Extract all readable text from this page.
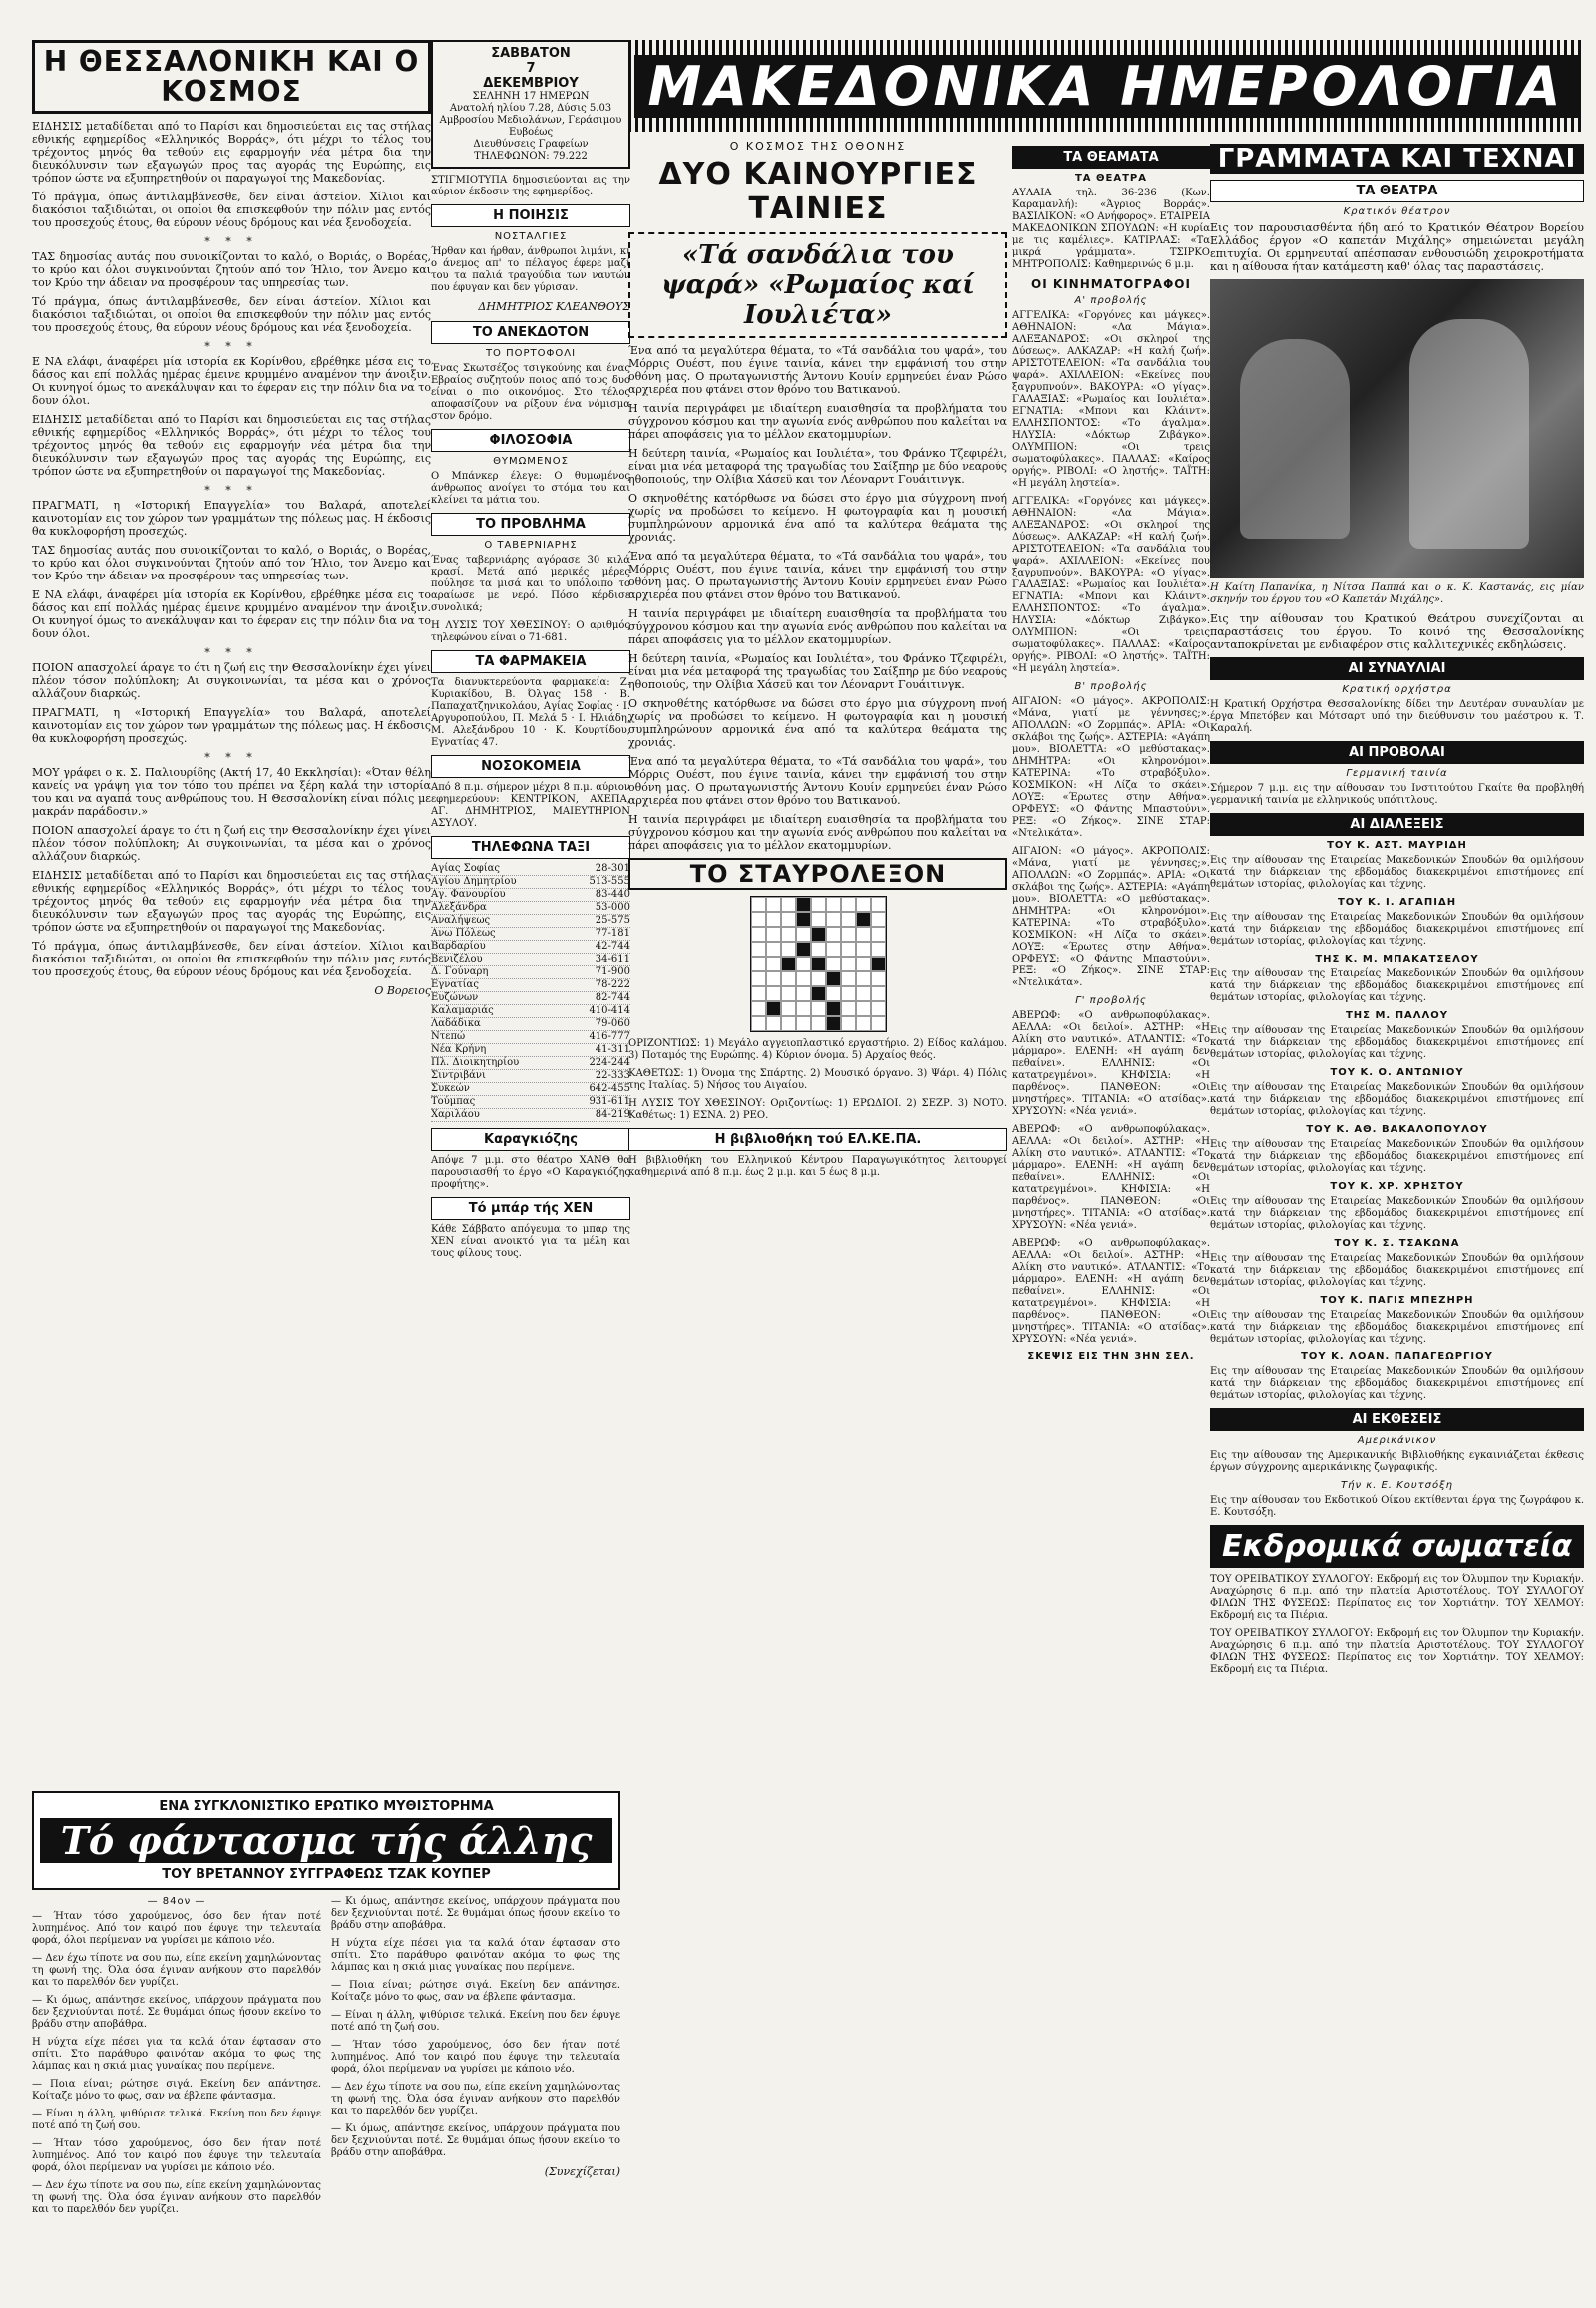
Η ΘΕΣΣΑΛΟΝΙΚΗ ΚΑΙ Ο ΚΟΣΜΟΣ

ΕΙΔΗΣΙΣ μεταδίδεται από το Παρίσι και δημοσιεύεται εις τας στήλας εθνικής εφημερίδος «Ελληνικός Βορράς», ότι μέχρι το τέλος του τρέχοντος μηνός θα τεθούν εις εφαρμογήν νέα μέτρα δια την διευκόλυνσιν των εξαγωγών προς τας αγοράς της Ευρώπης, εις τρόπον ώστε να εξυπηρετηθούν οι παραγωγοί της Μακεδονίας.

Τό πράγμα, όπως άντιλαμβάνεσθε, δεν είναι άστείον. Χίλιοι και διακόσιοι ταξιδιώται, οι οποίοι θα επισκεφθούν την πόλιν μας εντός του προσεχούς έτους, θα εύρουν νέους δρόμους και νέα ξενοδοχεία.

* * *

ΤΑΣ δημοσίας αυτάς που συνοικίζονται το καλό, ο Βοριάς, ο Βορέας, το κρύο και όλοι συγκινούνται ζητούν από τον Ήλιο, τον Άνεμο και τον Κρύο την άδειαν να προσφέρουν τας υπηρεσίας των.

Τό πράγμα, όπως άντιλαμβάνεσθε, δεν είναι άστείον. Χίλιοι και διακόσιοι ταξιδιώται, οι οποίοι θα επισκεφθούν την πόλιν μας εντός του προσεχούς έτους, θα εύρουν νέους δρόμους και νέα ξενοδοχεία.

* * *

Ε ΝΑ ελάφι, άναφέρει μία ιστορία εκ Κορίνθου, εβρέθηκε μέσα εις το δάσος και επί πολλάς ημέρας έμεινε κρυμμένο αναμένον την άνοιξιν. Οι κυνηγοί όμως το ανεκάλυψαν και το έφεραν εις την πόλιν δια να το δουν όλοι.

ΕΙΔΗΣΙΣ μεταδίδεται από το Παρίσι και δημοσιεύεται εις τας στήλας εθνικής εφημερίδος «Ελληνικός Βορράς», ότι μέχρι το τέλος του τρέχοντος μηνός θα τεθούν εις εφαρμογήν νέα μέτρα δια την διευκόλυνσιν των εξαγωγών προς τας αγοράς της Ευρώπης, εις τρόπον ώστε να εξυπηρετηθούν οι παραγωγοί της Μακεδονίας.

* * *

ΠΡΑΓΜΑΤΙ, η «Ιστορική Επαγγελία» του Βαλαρά, αποτελεί καινοτομίαν εις τον χώρον των γραμμάτων της πόλεως μας. Η έκδοσις θα κυκλοφορήση προσεχώς.

ΤΑΣ δημοσίας αυτάς που συνοικίζονται το καλό, ο Βοριάς, ο Βορέας, το κρύο και όλοι συγκινούνται ζητούν από τον Ήλιο, τον Άνεμο και τον Κρύο την άδειαν να προσφέρουν τας υπηρεσίας των.

Ε ΝΑ ελάφι, άναφέρει μία ιστορία εκ Κορίνθου, εβρέθηκε μέσα εις το δάσος και επί πολλάς ημέρας έμεινε κρυμμένο αναμένον την άνοιξιν. Οι κυνηγοί όμως το ανεκάλυψαν και το έφεραν εις την πόλιν δια να το δουν όλοι.

* * *

ΠΟΙΟΝ απασχολεί άραγε το ότι η ζωή εις την Θεσσαλονίκην έχει γίνει πλέον τόσον πολύπλοκη; Αι συγκοινωνίαι, τα μέσα και ο χρόνος αλλάζουν διαρκώς.

ΠΡΑΓΜΑΤΙ, η «Ιστορική Επαγγελία» του Βαλαρά, αποτελεί καινοτομίαν εις τον χώρον των γραμμάτων της πόλεως μας. Η έκδοσις θα κυκλοφορήση προσεχώς.

* * *

ΜΟΥ γράφει ο κ. Σ. Παλιουρίδης (Ακτή 17, 40 Εκκλησίαι): «Όταν θέλη κανείς να γράψη για τον τόπο του πρέπει να ξέρη καλά την ιστορία του και να αγαπά τους ανθρώπους του. Η Θεσσαλονίκη είναι πόλις με μακράν παράδοσιν.»

ΠΟΙΟΝ απασχολεί άραγε το ότι η ζωή εις την Θεσσαλονίκην έχει γίνει πλέον τόσον πολύπλοκη; Αι συγκοινωνίαι, τα μέσα και ο χρόνος αλλάζουν διαρκώς.

ΕΙΔΗΣΙΣ μεταδίδεται από το Παρίσι και δημοσιεύεται εις τας στήλας εθνικής εφημερίδος «Ελληνικός Βορράς», ότι μέχρι το τέλος του τρέχοντος μηνός θα τεθούν εις εφαρμογήν νέα μέτρα δια την διευκόλυνσιν των εξαγωγών προς τας αγοράς της Ευρώπης, εις τρόπον ώστε να εξυπηρετηθούν οι παραγωγοί της Μακεδονίας.

Τό πράγμα, όπως άντιλαμβάνεσθε, δεν είναι άστείον. Χίλιοι και διακόσιοι ταξιδιώται, οι οποίοι θα επισκεφθούν την πόλιν μας εντός του προσεχούς έτους, θα εύρουν νέους δρόμους και νέα ξενοδοχεία.

Ο Βορειος
ΣΑΒΒΑΤΟΝ
7
ΔΕΚΕΜΒΡΙΟΥ
ΣΕΛΗΝΗ 17 ΗΜΕΡΩΝ
Ανατολή ηλίου 7.28, Δύσις 5.03
Αμβροσίου Μεδιολάνων, Γεράσιμου Ευβοέως
Διευθύνσεις Γραφείων ΤΗΛΕΦΩΝΟΝ: 79.222

ΣΤΙΓΜΙΟΤΥΠΑ δημοσιεύονται εις την αύριον έκδοσιν της εφημερίδος.

Η ΠΟΙΗΣΙΣ
ΝΟΣΤΑΛΓΙΕΣ

Ήρθαν και ήρθαν, άνθρωποι λιμάνι, κι ο άνεμος απ' το πέλαγος έφερε μαζί του τα παλιά τραγούδια των ναυτών που έφυγαν και δεν γύρισαν.

ΔΗΜΗΤΡΙΟΣ ΚΛΕΑΝΘΟΥΣ
ΤΟ ΑΝΕΚΔΟΤΟΝ
ΤΟ ΠΟΡΤΟΦΟΛΙ

Ένας Σκωτσέζος τσιγκούνης και ένας Εβραίος συζητούν ποιος από τους δυο είναι ο πιο οικονόμος. Στο τέλος αποφασίζουν να ρίξουν ένα νόμισμα στον δρόμο.

ΦΙΛΟΣΟΦΙΑ
ΘΥΜΩΜΕΝΟΣ

Ο Μπάνκερ έλεγε: Ο θυμωμένος άνθρωπος ανοίγει το στόμα του και κλείνει τα μάτια του.

ΤΟ ΠΡΟΒΛΗΜΑ
Ο ΤΑΒΕΡΝΙΑΡΗΣ

Ένας ταβερνιάρης αγόρασε 30 κιλά κρασί. Μετά από μερικές μέρες πούλησε τα μισά και το υπόλοιπο το αραίωσε με νερό. Πόσο κέρδισε συνολικά;

Η ΛΥΣΙΣ ΤΟΥ ΧΘΕΣΙΝΟΥ: Ο αριθμός τηλεφώνου είναι ο 71-681.

ΤΑ ΦΑΡΜΑΚΕΙΑ

Τα διανυκτερεύοντα φαρμακεία: Ζ. Κυριακίδου, Β. Όλγας 158 · Β. Παπαχατζηνικολάου, Αγίας Σοφίας · Ι. Αργυροπούλου, Π. Μελά 5 · Ι. Ηλιάδη, Μ. Αλεξάνδρου 10 · Κ. Κουρτίδου, Εγνατίας 47.

ΝΟΣΟΚΟΜΕΙΑ

Από 8 π.μ. σήμερον μέχρι 8 π.μ. αύριον εφημερεύουν: ΚΕΝΤΡΙΚΟΝ, ΑΧΕΠΑ, ΑΓ. ΔΗΜΗΤΡΙΟΣ, ΜΑΙΕΥΤΗΡΙΟΝ ΑΣΥΛΟΥ.

ΤΗΛΕΦΩΝΑ ΤΑΞΙ
Αγίας Σοφίας	28-301
Αγίου Δημητρίου	513-555
Αγ. Φανουρίου	83-440
Αλεξάνδρα	53-000
Αναλήψεως	25-575
Ανω Πόλεως	77-181
Βαρδαρίου	42-744
Βενιζέλου	34-611
Δ. Γούναρη	71-900
Εγνατίας	78-222
Ευζώνων	82-744
Καλαμαριάς	410-414
Λαδάδικα	79-060
Ντεπώ	416-777
Νέα Κρήνη	41-311
Πλ. Διοικητηρίου	224-244
Σιντριβάνι	22-333
Συκεών	642-455
Τούμπας	931-611
Χαριλάου	84-219
Καραγκιόζης

Απόψε 7 μ.μ. στο θέατρο ΧΑΝΘ θα παρουσιασθή το έργο «Ο Καραγκιόζης προφήτης».

Τό μπάρ τής ΧΕΝ

Κάθε Σάββατο απόγευμα το μπαρ της ΧΕΝ είναι ανοικτό για τα μέλη και τους φίλους τους.

ΜΑΚΕΔΟΝΙΚΑ ΗΜΕΡΟΛΟΓΙΑ
Ο ΚΟΣΜΟΣ ΤΗΣ ΟΘΟΝΗΣ
ΔΥΟ ΚΑΙΝΟΥΡΓΙΕΣ ΤΑΙΝΙΕΣ
«Τά σανδάλια του ψαρά» «Ρωμαίος καί Ιουλιέτα»

Ένα από τα μεγαλύτερα θέματα, το «Τά σανδάλια του ψαρά», του Μόρρις Ουέστ, που έγινε ταινία, κάνει την εμφάνισή του στην οθόνη μας. Ο πρωταγωνιστής Άντονυ Κουίν ερμηνεύει έναν Ρώσο αρχιερέα που φτάνει στον θρόνο του Βατικανού.

Η ταινία περιγράφει με ιδιαίτερη ευαισθησία τα προβλήματα του σύγχρονου κόσμου και την αγωνία ενός ανθρώπου που καλείται να πάρει αποφάσεις για το μέλλον εκατομμυρίων.

Η δεύτερη ταινία, «Ρωμαίος και Ιουλιέτα», του Φράνκο Τζεφιρέλι, είναι μια νέα μεταφορά της τραγωδίας του Σαίξπηρ με δύο νεαρούς ηθοποιούς, την Ολίβια Χάσεϋ και τον Λέοναρντ Γουάιτινγκ.

Ο σκηνοθέτης κατόρθωσε να δώσει στο έργο μια σύγχρονη πνοή χωρίς να προδώσει το κείμενο. Η φωτογραφία και η μουσική συμπληρώνουν αρμονικά ένα από τα καλύτερα θεάματα της χρονιάς.

Ένα από τα μεγαλύτερα θέματα, το «Τά σανδάλια του ψαρά», του Μόρρις Ουέστ, που έγινε ταινία, κάνει την εμφάνισή του στην οθόνη μας. Ο πρωταγωνιστής Άντονυ Κουίν ερμηνεύει έναν Ρώσο αρχιερέα που φτάνει στον θρόνο του Βατικανού.

Η ταινία περιγράφει με ιδιαίτερη ευαισθησία τα προβλήματα του σύγχρονου κόσμου και την αγωνία ενός ανθρώπου που καλείται να πάρει αποφάσεις για το μέλλον εκατομμυρίων.

Η δεύτερη ταινία, «Ρωμαίος και Ιουλιέτα», του Φράνκο Τζεφιρέλι, είναι μια νέα μεταφορά της τραγωδίας του Σαίξπηρ με δύο νεαρούς ηθοποιούς, την Ολίβια Χάσεϋ και τον Λέοναρντ Γουάιτινγκ.

Ο σκηνοθέτης κατόρθωσε να δώσει στο έργο μια σύγχρονη πνοή χωρίς να προδώσει το κείμενο. Η φωτογραφία και η μουσική συμπληρώνουν αρμονικά ένα από τα καλύτερα θεάματα της χρονιάς.

Ένα από τα μεγαλύτερα θέματα, το «Τά σανδάλια του ψαρά», του Μόρρις Ουέστ, που έγινε ταινία, κάνει την εμφάνισή του στην οθόνη μας. Ο πρωταγωνιστής Άντονυ Κουίν ερμηνεύει έναν Ρώσο αρχιερέα που φτάνει στον θρόνο του Βατικανού.

Η ταινία περιγράφει με ιδιαίτερη ευαισθησία τα προβλήματα του σύγχρονου κόσμου και την αγωνία ενός ανθρώπου που καλείται να πάρει αποφάσεις για το μέλλον εκατομμυρίων.

ΤΟ ΣΤΑΥΡΟΛΕΞΟΝ

ΟΡΙΖΟΝΤΙΩΣ: 1) Μεγάλο αγγειοπλαστικό εργαστήριο. 2) Είδος καλάμου. 3) Ποταμός της Ευρώπης. 4) Κύριον όνομα. 5) Αρχαίος θεός.

ΚΑΘΕΤΩΣ: 1) Όνομα της Σπάρτης. 2) Μουσικό όργανο. 3) Ψάρι. 4) Πόλις της Ιταλίας. 5) Νήσος του Αιγαίου.

Η ΛΥΣΙΣ ΤΟΥ ΧΘΕΣΙΝΟΥ: Οριζοντίως: 1) ΕΡΩΔΙΟΙ. 2) ΣΕΖΡ. 3) ΝΟΤΟ. Καθέτως: 1) ΕΣΝΑ. 2) ΡΕΟ.

Η βιβλιοθήκη τού ΕΛ.ΚΕ.ΠΑ.

Η βιβλιοθήκη του Ελληνικού Κέντρου Παραγωγικότητος λειτουργεί καθημερινά από 8 π.μ. έως 2 μ.μ. και 5 έως 8 μ.μ.

ΤΑ ΘΕΑΜΑΤΑ
ΤΑ ΘΕΑΤΡΑ

ΑΥΛΑΙΑ τηλ. 36-236 (Κων. Καραμανλή): «Άγριος Βορράς». ΒΑΣΙΛΙΚΟΝ: «Ο Ανήφορος». ΕΤΑΙΡΕΙΑ ΜΑΚΕΔΟΝΙΚΩΝ ΣΠΟΥΔΩΝ: «Η κυρία με τις καμέλιες». ΚΑΤΙΡΛΑΣ: «Τα μικρά γράμματα». ΤΣΙΡΚΟ ΜΗΤΡΟΠΟΛΙΣ: Καθημερινώς 6 μ.μ.

ΟΙ ΚΙΝΗΜΑΤΟΓΡΑΦΟΙ
Α' προβολής

ΑΓΓΕΛΙΚΑ: «Γοργόνες και μάγκες». ΑΘΗΝΑΙΟΝ: «Λα Μάγια». ΑΛΕΞΑΝΔΡΟΣ: «Οι σκληροί της Δύσεως». ΑΛΚΑΖΑΡ: «Η καλή ζωή». ΑΡΙΣΤΟΤΕΛΕΙΟΝ: «Τα σανδάλια του ψαρά». ΑΧΙΛΛΕΙΟΝ: «Εκείνες που ξαγρυπνούν». ΒΑΚΟΥΡΑ: «Ο γίγας». ΓΑΛΑΞΙΑΣ: «Ρωμαίος και Ιουλιέτα». ΕΓΝΑΤΙΑ: «Μπονι και Κλάιντ». ΕΛΛΗΣΠΟΝΤΟΣ: «Το άγαλμα». ΗΛΥΣΙΑ: «Δόκτωρ Ζιβάγκο». ΟΛΥΜΠΙΟΝ: «Οι τρεις σωματοφύλακες». ΠΑΛΛΑΣ: «Καίρος οργής». ΡΙΒΟΛΙ: «Ο ληστής». ΤΑΪΤΗ: «Η μεγάλη ληστεία».

ΑΓΓΕΛΙΚΑ: «Γοργόνες και μάγκες». ΑΘΗΝΑΙΟΝ: «Λα Μάγια». ΑΛΕΞΑΝΔΡΟΣ: «Οι σκληροί της Δύσεως». ΑΛΚΑΖΑΡ: «Η καλή ζωή». ΑΡΙΣΤΟΤΕΛΕΙΟΝ: «Τα σανδάλια του ψαρά». ΑΧΙΛΛΕΙΟΝ: «Εκείνες που ξαγρυπνούν». ΒΑΚΟΥΡΑ: «Ο γίγας». ΓΑΛΑΞΙΑΣ: «Ρωμαίος και Ιουλιέτα». ΕΓΝΑΤΙΑ: «Μπονι και Κλάιντ». ΕΛΛΗΣΠΟΝΤΟΣ: «Το άγαλμα». ΗΛΥΣΙΑ: «Δόκτωρ Ζιβάγκο». ΟΛΥΜΠΙΟΝ: «Οι τρεις σωματοφύλακες». ΠΑΛΛΑΣ: «Καίρος οργής». ΡΙΒΟΛΙ: «Ο ληστής». ΤΑΪΤΗ: «Η μεγάλη ληστεία».

Β' προβολής

ΑΙΓΑΙΟΝ: «Ο μάγος». ΑΚΡΟΠΟΛΙΣ: «Μάνα, γιατί με γέννησες;». ΑΠΟΛΛΩΝ: «Ο Ζορμπάς». ΑΡΙΑ: «Οι σκλάβοι της ζωής». ΑΣΤΕΡΙΑ: «Αγάπη μου». ΒΙΟΛΕΤΤΑ: «Ο μεθύστακας». ΔΗΜΗΤΡΑ: «Οι κληρονόμοι». ΚΑΤΕΡΙΝΑ: «Το στραβόξυλο». ΚΟΣΜΙΚΟΝ: «Η Λίζα το σκάει». ΛΟΥΞ: «Έρωτες στην Αθήνα». ΟΡΦΕΥΣ: «Ο Φάντης Μπαστούνι». ΡΕΞ: «Ο Ζήκος». ΣΙΝΕ ΣΤΑΡ: «Ντελικάτα».

ΑΙΓΑΙΟΝ: «Ο μάγος». ΑΚΡΟΠΟΛΙΣ: «Μάνα, γιατί με γέννησες;». ΑΠΟΛΛΩΝ: «Ο Ζορμπάς». ΑΡΙΑ: «Οι σκλάβοι της ζωής». ΑΣΤΕΡΙΑ: «Αγάπη μου». ΒΙΟΛΕΤΤΑ: «Ο μεθύστακας». ΔΗΜΗΤΡΑ: «Οι κληρονόμοι». ΚΑΤΕΡΙΝΑ: «Το στραβόξυλο». ΚΟΣΜΙΚΟΝ: «Η Λίζα το σκάει». ΛΟΥΞ: «Έρωτες στην Αθήνα». ΟΡΦΕΥΣ: «Ο Φάντης Μπαστούνι». ΡΕΞ: «Ο Ζήκος». ΣΙΝΕ ΣΤΑΡ: «Ντελικάτα».

Γ' προβολής

ΑΒΕΡΩΦ: «Ο ανθρωποφύλακας». ΑΕΛΛΑ: «Οι δειλοί». ΑΣΤΗΡ: «Η Αλίκη στο ναυτικό». ΑΤΛΑΝΤΙΣ: «Το μάρμαρο». ΕΛΕΝΗ: «Η αγάπη δεν πεθαίνει». ΕΛΛΗΝΙΣ: «Οι κατατρεγμένοι». ΚΗΦΙΣΙΑ: «Η παρθένος». ΠΑΝΘΕΟΝ: «Οι μνηστήρες». ΤΙΤΑΝΙΑ: «Ο ατσίδας». ΧΡΥΣΟΥΝ: «Νέα γενιά».

ΑΒΕΡΩΦ: «Ο ανθρωποφύλακας». ΑΕΛΛΑ: «Οι δειλοί». ΑΣΤΗΡ: «Η Αλίκη στο ναυτικό». ΑΤΛΑΝΤΙΣ: «Το μάρμαρο». ΕΛΕΝΗ: «Η αγάπη δεν πεθαίνει». ΕΛΛΗΝΙΣ: «Οι κατατρεγμένοι». ΚΗΦΙΣΙΑ: «Η παρθένος». ΠΑΝΘΕΟΝ: «Οι μνηστήρες». ΤΙΤΑΝΙΑ: «Ο ατσίδας». ΧΡΥΣΟΥΝ: «Νέα γενιά».

ΑΒΕΡΩΦ: «Ο ανθρωποφύλακας». ΑΕΛΛΑ: «Οι δειλοί». ΑΣΤΗΡ: «Η Αλίκη στο ναυτικό». ΑΤΛΑΝΤΙΣ: «Το μάρμαρο». ΕΛΕΝΗ: «Η αγάπη δεν πεθαίνει». ΕΛΛΗΝΙΣ: «Οι κατατρεγμένοι». ΚΗΦΙΣΙΑ: «Η παρθένος». ΠΑΝΘΕΟΝ: «Οι μνηστήρες». ΤΙΤΑΝΙΑ: «Ο ατσίδας». ΧΡΥΣΟΥΝ: «Νέα γενιά».

ΣΚΕΨΙΣ ΕΙΣ ΤΗΝ 3ΗΝ ΣΕΛ.
ΓΡΑΜΜΑΤΑ ΚΑΙ ΤΕΧΝΑΙ
ΤΑ ΘΕΑΤΡΑ
Κρατικόν θέατρον

Εις τον παρουσιασθέντα ήδη από το Κρατικόν Θέατρον Βορείου Ελλάδος έργον «Ο καπετάν Μιχάλης» σημειώνεται μεγάλη επιτυχία. Οι ερμηνευταί απέσπασαν ενθουσιώδη χειροκροτήματα και η αίθουσα ήταν κατάμεστη καθ' όλας τας παραστάσεις.

Η Καίτη Παπανίκα, η Νίτσα Παππά και ο κ. Κ. Καστανάς, εις μίαν σκηνήν του έργου του «Ο Καπετάν Μιχάλης».

Εις την αίθουσαν του Κρατικού Θεάτρου συνεχίζονται αι παραστάσεις του έργου. Το κοινό της Θεσσαλονίκης ανταποκρίνεται με ενδιαφέρον στις καλλιτεχνικές εκδηλώσεις.

ΑΙ ΣΥΝΑΥΛΙΑΙ
Κρατική ορχήστρα

Η Κρατική Ορχήστρα Θεσσαλονίκης δίδει την Δευτέραν συναυλίαν με έργα Μπετόβεν και Μότσαρτ υπό την διεύθυνσιν του μαέστρου κ. Τ. Καραλή.

ΑΙ ΠΡΟΒΟΛΑΙ
Γερμανική ταινία

Σήμερον 7 μ.μ. εις την αίθουσαν του Ινστιτούτου Γκαίτε θα προβληθή γερμανική ταινία με ελληνικούς υπότιτλους.

ΑΙ ΔΙΑΛΕΞΕΙΣ
ΤΟΥ Κ. ΑΣΤ. ΜΑΥΡΙΔΗ

Εις την αίθουσαν της Εταιρείας Μακεδονικών Σπουδών θα ομιλήσουν κατά την διάρκειαν της εβδομάδος διακεκριμένοι επιστήμονες επί θεμάτων ιστορίας, φιλολογίας και τέχνης.

ΤΟΥ Κ. Ι. ΑΓΑΠΙΔΗ

Εις την αίθουσαν της Εταιρείας Μακεδονικών Σπουδών θα ομιλήσουν κατά την διάρκειαν της εβδομάδος διακεκριμένοι επιστήμονες επί θεμάτων ιστορίας, φιλολογίας και τέχνης.

ΤΗΣ Κ. Μ. ΜΠΑΚΑΤΣΕΛΟΥ

Εις την αίθουσαν της Εταιρείας Μακεδονικών Σπουδών θα ομιλήσουν κατά την διάρκειαν της εβδομάδος διακεκριμένοι επιστήμονες επί θεμάτων ιστορίας, φιλολογίας και τέχνης.

ΤΗΣ Μ. ΠΑΛΛΟΥ

Εις την αίθουσαν της Εταιρείας Μακεδονικών Σπουδών θα ομιλήσουν κατά την διάρκειαν της εβδομάδος διακεκριμένοι επιστήμονες επί θεμάτων ιστορίας, φιλολογίας και τέχνης.

ΤΟΥ Κ. Ο. ΑΝΤΩΝΙΟΥ

Εις την αίθουσαν της Εταιρείας Μακεδονικών Σπουδών θα ομιλήσουν κατά την διάρκειαν της εβδομάδος διακεκριμένοι επιστήμονες επί θεμάτων ιστορίας, φιλολογίας και τέχνης.

ΤΟΥ Κ. ΑΘ. ΒΑΚΑΛΟΠΟΥΛΟΥ

Εις την αίθουσαν της Εταιρείας Μακεδονικών Σπουδών θα ομιλήσουν κατά την διάρκειαν της εβδομάδος διακεκριμένοι επιστήμονες επί θεμάτων ιστορίας, φιλολογίας και τέχνης.

ΤΟΥ Κ. ΧΡ. ΧΡΗΣΤΟΥ

Εις την αίθουσαν της Εταιρείας Μακεδονικών Σπουδών θα ομιλήσουν κατά την διάρκειαν της εβδομάδος διακεκριμένοι επιστήμονες επί θεμάτων ιστορίας, φιλολογίας και τέχνης.

ΤΟΥ Κ. Σ. ΤΣΑΚΩΝΑ

Εις την αίθουσαν της Εταιρείας Μακεδονικών Σπουδών θα ομιλήσουν κατά την διάρκειαν της εβδομάδος διακεκριμένοι επιστήμονες επί θεμάτων ιστορίας, φιλολογίας και τέχνης.

ΤΟΥ Κ. ΠΑΓΙΣ ΜΠΕΖΗΡΗ

Εις την αίθουσαν της Εταιρείας Μακεδονικών Σπουδών θα ομιλήσουν κατά την διάρκειαν της εβδομάδος διακεκριμένοι επιστήμονες επί θεμάτων ιστορίας, φιλολογίας και τέχνης.

ΤΟΥ Κ. ΛΟΑΝ. ΠΑΠΑΓΕΩΡΓΙΟΥ

Εις την αίθουσαν της Εταιρείας Μακεδονικών Σπουδών θα ομιλήσουν κατά την διάρκειαν της εβδομάδος διακεκριμένοι επιστήμονες επί θεμάτων ιστορίας, φιλολογίας και τέχνης.

ΑΙ ΕΚΘΕΣΕΙΣ
Αμερικάνικον

Εις την αίθουσαν της Αμερικανικής Βιβλιοθήκης εγκαινιάζεται έκθεσις έργων σύγχρονης αμερικάνικης ζωγραφικής.

Τήν κ. Ε. Κουτσόξη

Εις την αίθουσαν του Εκδοτικού Οίκου εκτίθενται έργα της ζωγράφου κ. Ε. Κουτσόξη.

Εκδρομικά σωματεία

ΤΟΥ ΟΡΕΙΒΑΤΙΚΟΥ ΣΥΛΛΟΓΟΥ: Εκδρομή εις τον Όλυμπον την Κυριακήν. Αναχώρησις 6 π.μ. από την πλατεία Αριστοτέλους. ΤΟΥ ΣΥΛΛΟΓΟΥ ΦΙΛΩΝ ΤΗΣ ΦΥΣΕΩΣ: Περίπατος εις τον Χορτιάτην. ΤΟΥ ΧΕΛΜΟΥ: Εκδρομή εις τα Πιέρια.

ΤΟΥ ΟΡΕΙΒΑΤΙΚΟΥ ΣΥΛΛΟΓΟΥ: Εκδρομή εις τον Όλυμπον την Κυριακήν. Αναχώρησις 6 π.μ. από την πλατεία Αριστοτέλους. ΤΟΥ ΣΥΛΛΟΓΟΥ ΦΙΛΩΝ ΤΗΣ ΦΥΣΕΩΣ: Περίπατος εις τον Χορτιάτην. ΤΟΥ ΧΕΛΜΟΥ: Εκδρομή εις τα Πιέρια.

ΕΝΑ ΣΥΓΚΛΟΝΙΣΤΙΚΟ ΕΡΩΤΙΚΟ ΜΥΘΙΣΤΟΡΗΜΑ
Τό φάντασμα τής άλλης
ΤΟΥ ΒΡΕΤΑΝΝΟΥ ΣΥΓΓΡΑΦΕΩΣ ΤΖΑΚ ΚΟΥΠΕΡ
— 84ον —

— Ήταν τόσο χαρούμενος, όσο δεν ήταν ποτέ λυπημένος. Από τον καιρό που έφυγε την τελευταία φορά, όλοι περίμεναν να γυρίσει με κάποιο νέο.

— Δεν έχω τίποτε να σου πω, είπε εκείνη χαμηλώνοντας τη φωνή της. Όλα όσα έγιναν ανήκουν στο παρελθόν και το παρελθόν δεν γυρίζει.

— Κι όμως, απάντησε εκείνος, υπάρχουν πράγματα που δεν ξεχνιούνται ποτέ. Σε θυμάμαι όπως ήσουν εκείνο το βράδυ στην αποβάθρα.

Η νύχτα είχε πέσει για τα καλά όταν έφτασαν στο σπίτι. Στο παράθυρο φαινόταν ακόμα το φως της λάμπας και η σκιά μιας γυναίκας που περίμενε.

— Ποια είναι; ρώτησε σιγά. Εκείνη δεν απάντησε. Κοίταζε μόνο το φως, σαν να έβλεπε φάντασμα.

— Είναι η άλλη, ψιθύρισε τελικά. Εκείνη που δεν έφυγε ποτέ από τη ζωή σου.

— Ήταν τόσο χαρούμενος, όσο δεν ήταν ποτέ λυπημένος. Από τον καιρό που έφυγε την τελευταία φορά, όλοι περίμεναν να γυρίσει με κάποιο νέο.

— Δεν έχω τίποτε να σου πω, είπε εκείνη χαμηλώνοντας τη φωνή της. Όλα όσα έγιναν ανήκουν στο παρελθόν και το παρελθόν δεν γυρίζει.

— Κι όμως, απάντησε εκείνος, υπάρχουν πράγματα που δεν ξεχνιούνται ποτέ. Σε θυμάμαι όπως ήσουν εκείνο το βράδυ στην αποβάθρα.

Η νύχτα είχε πέσει για τα καλά όταν έφτασαν στο σπίτι. Στο παράθυρο φαινόταν ακόμα το φως της λάμπας και η σκιά μιας γυναίκας που περίμενε.

— Ποια είναι; ρώτησε σιγά. Εκείνη δεν απάντησε. Κοίταζε μόνο το φως, σαν να έβλεπε φάντασμα.

— Είναι η άλλη, ψιθύρισε τελικά. Εκείνη που δεν έφυγε ποτέ από τη ζωή σου.

— Ήταν τόσο χαρούμενος, όσο δεν ήταν ποτέ λυπημένος. Από τον καιρό που έφυγε την τελευταία φορά, όλοι περίμεναν να γυρίσει με κάποιο νέο.

— Δεν έχω τίποτε να σου πω, είπε εκείνη χαμηλώνοντας τη φωνή της. Όλα όσα έγιναν ανήκουν στο παρελθόν και το παρελθόν δεν γυρίζει.

— Κι όμως, απάντησε εκείνος, υπάρχουν πράγματα που δεν ξεχνιούνται ποτέ. Σε θυμάμαι όπως ήσουν εκείνο το βράδυ στην αποβάθρα.

(Συνεχίζεται)
